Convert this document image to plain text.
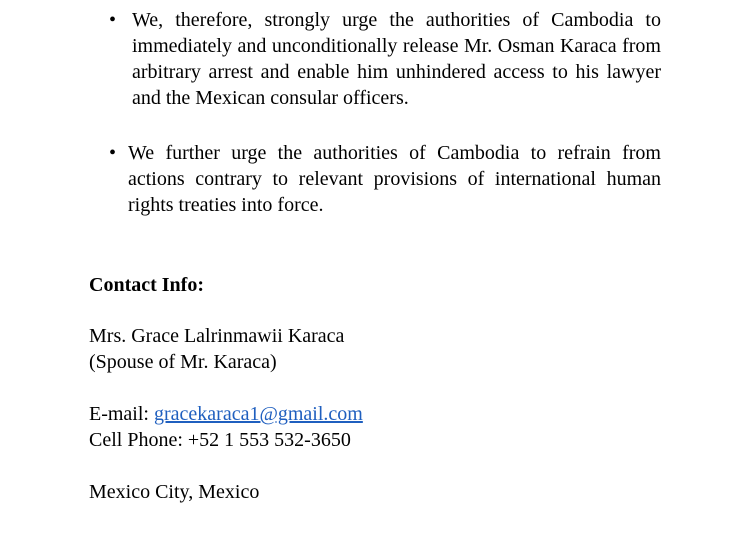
• We, therefore, strongly urge the authorities of Cambodia to immediately and unconditionally release Mr. Osman Karaca from arbitrary arrest and enable him unhindered access to his lawyer and the Mexican consular officers.
• We further urge the authorities of Cambodia to refrain from actions contrary to relevant provisions of international human rights treaties into force.
Contact Info:
Mrs. Grace Lalrinmawii Karaca
(Spouse of Mr. Karaca)
E-mail: gracekaraca1@gmail.com
Cell Phone: +52 1 553 532-3650
Mexico City, Mexico
